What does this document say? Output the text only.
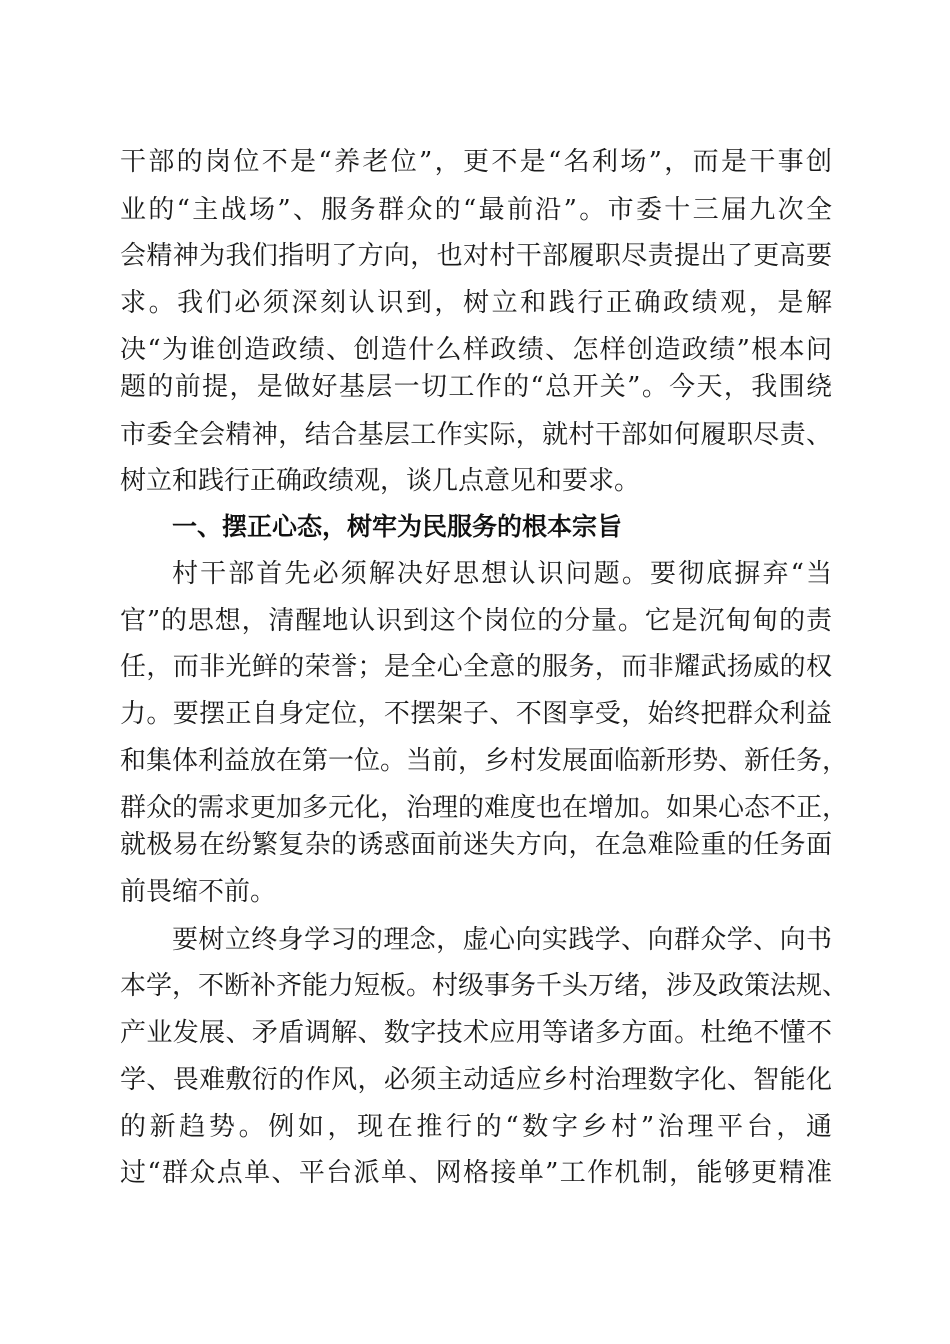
干部的岗位不是“养老位”，更不是“名利场”，而是干事创
业的“主战场”、服务群众的“最前沿”。市委十三届九次全
会精神为我们指明了方向，也对村干部履职尽责提出了更高要
求。我们必须深刻认识到，树立和践行正确政绩观，是解
决“为谁创造政绩、创造什么样政绩、怎样创造政绩”根本问
题的前提，是做好基层一切工作的“总开关”。今天，我围绕
市委全会精神，结合基层工作实际，就村干部如何履职尽责、
树立和践行正确政绩观，谈几点意见和要求。
一、摆正心态，树牢为民服务的根本宗旨
村干部首先必须解决好思想认识问题。要彻底摒弃“当
官”的思想，清醒地认识到这个岗位的分量。它是沉甸甸的责
任，而非光鲜的荣誉；是全心全意的服务，而非耀武扬威的权
力。要摆正自身定位，不摆架子、不图享受，始终把群众利益
和集体利益放在第一位。当前，乡村发展面临新形势、新任务，
群众的需求更加多元化，治理的难度也在增加。如果心态不正，
就极易在纷繁复杂的诱惑面前迷失方向，在急难险重的任务面
前畏缩不前。
要树立终身学习的理念，虚心向实践学、向群众学、向书
本学，不断补齐能力短板。村级事务千头万绪，涉及政策法规、
产业发展、矛盾调解、数字技术应用等诸多方面。杜绝不懂不
学、畏难敷衍的作风，必须主动适应乡村治理数字化、智能化
的新趋势。例如，现在推行的“数字乡村”治理平台，通
过“群众点单、平台派单、网格接单”工作机制，能够更精准
